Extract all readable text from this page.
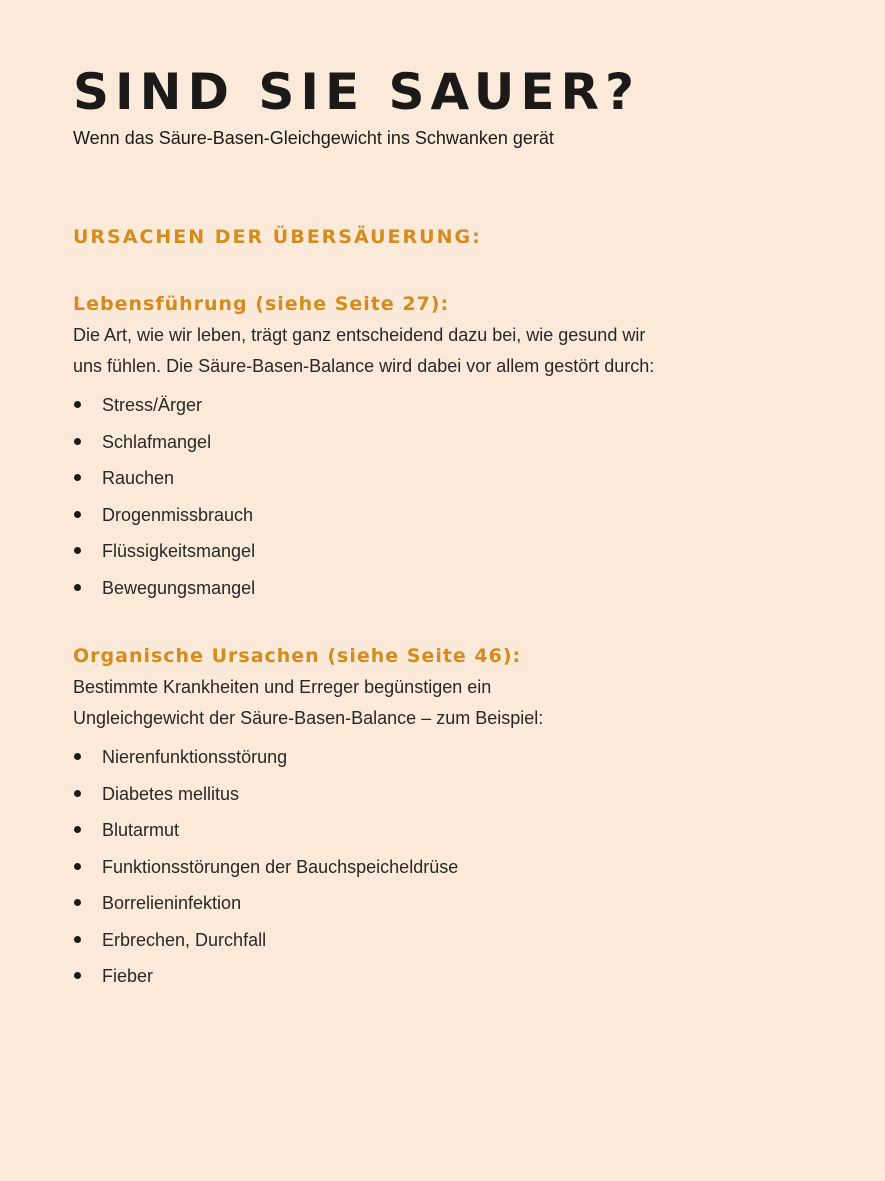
SIND SIE SAUER?
Wenn das Säure-Basen-Gleichgewicht ins Schwanken gerät
URSACHEN DER ÜBERSÄUERUNG:
Lebensführung (siehe Seite 27):
Die Art, wie wir leben, trägt ganz entscheidend dazu bei, wie gesund wir
uns fühlen. Die Säure-Basen-Balance wird dabei vor allem gestört durch:
Stress/Ärger
Schlafmangel
Rauchen
Drogenmissbrauch
Flüssigkeitsmangel
Bewegungsmangel
Organische Ursachen (siehe Seite 46):
Bestimmte Krankheiten und Erreger begünstigen ein
Ungleichgewicht der Säure-Basen-Balance – zum Beispiel:
Nierenfunktionsstörung
Diabetes mellitus
Blutarmut
Funktionsstörungen der Bauchspeicheldrüse
Borrelieninfektion
Erbrechen, Durchfall
Fieber
